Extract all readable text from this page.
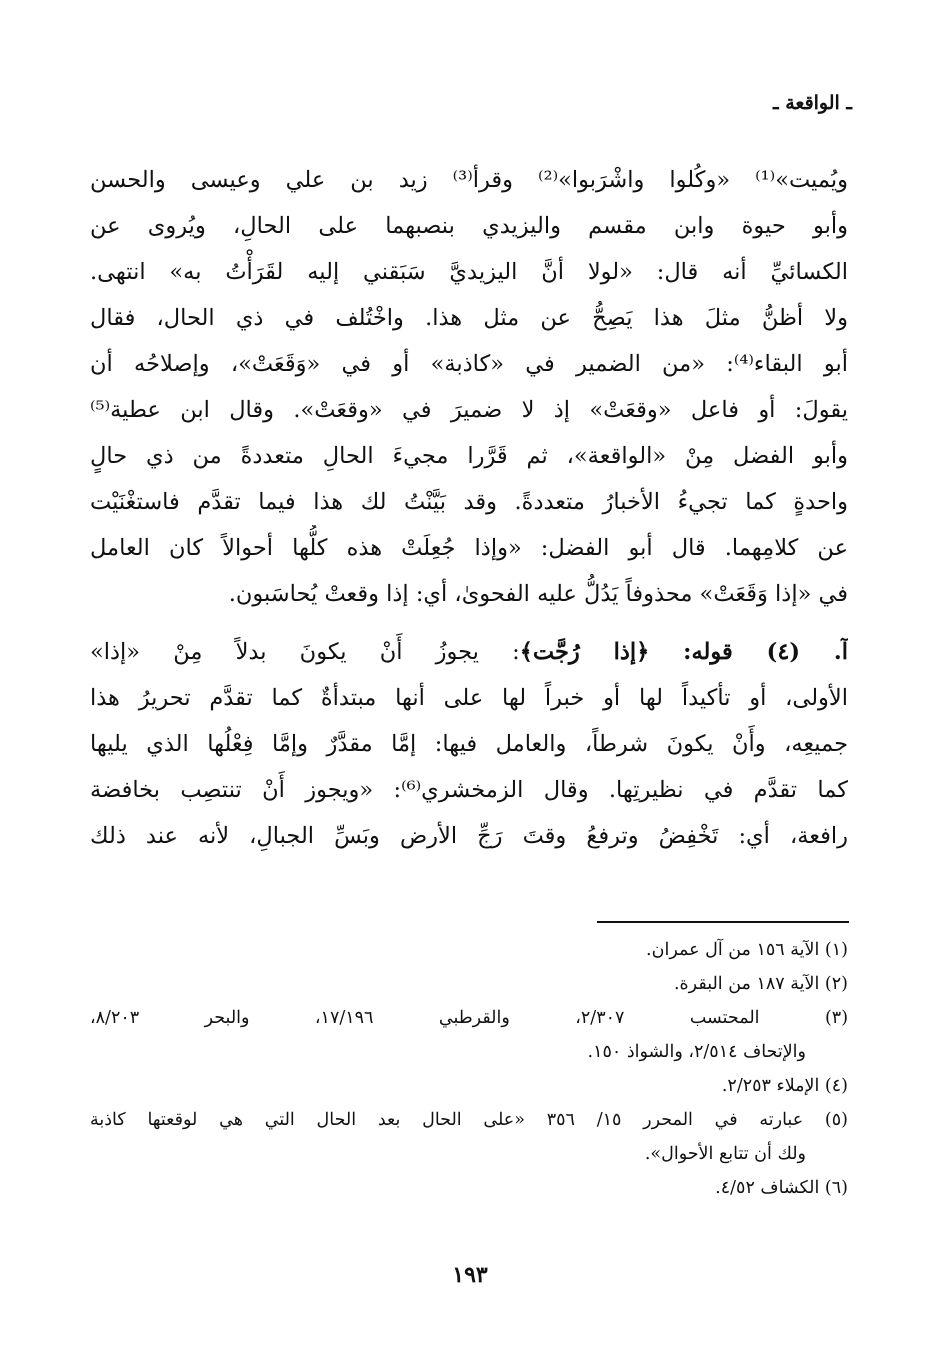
ـ الواقعة ـ
ويُميت»⁽¹⁾ «وكُلوا واشْرَبوا»⁽²⁾ وقرأ⁽³⁾ زيد بن علي وعيسى والحسن
وأبو حيوة وابن مقسم واليزيدي بنصبهما على الحالِ، ويُروى عن
الكسائيِّ أنه قال: «لولا أنَّ اليزيديَّ سَبَقني إليه لقَرَأْتُ به» انتهى.
ولا أظنُّ مثلَ هذا يَصِحُّ عن مثل هذا. واخْتُلف في ذي الحال، فقال
أبو البقاء⁽⁴⁾: «من الضمير في «كاذبة» أو في «وَقَعَتْ»، وإصلاحُه أن
يقولَ: أو فاعل «وقعَتْ» إذ لا ضميرَ في «وقعَتْ». وقال ابن عطية⁽⁵⁾
وأبو الفضل مِنْ «الواقعة»، ثم قَرَّرا مجيءَ الحالِ متعددةً من ذي حالٍ
واحدةٍ كما تجيءُ الأخبارُ متعددةً. وقد بَيَّنْتُ لك هذا فيما تقدَّم فاستغْنَيْت
عن كلامِهما. قال أبو الفضل: «وإذا جُعِلَتْ هذه كلُّها أحوالاً كان العامل
في «إذا وَقَعَتْ» محذوفاً يَدُلُّ عليه الفحوىٰ، أي: إذا وقعتْ يُحاسَبون.
آ. (٤) قوله: ﴿إذا رُجَّت﴾: يجوزُ أَنْ يكونَ بدلاً مِنْ «إذا»
الأولى، أو تأكيداً لها أو خبراً لها على أنها مبتدأةٌ كما تقدَّم تحريرُ هذا
جميعِه، وأَنْ يكونَ شرطاً، والعامل فيها: إمَّا مقدَّرٌ وإمَّا فِعْلُها الذي يليها
كما تقدَّم في نظيرتِها. وقال الزمخشري⁽⁶⁾: «ويجوز أَنْ تنتصِب بخافضة
رافعة، أي: تَخْفِضُ وترفعُ وقتَ رَجِّ الأرض وبَسِّ الجبالِ، لأنه عند ذلك
(١) الآية ١٥٦ من آل عمران.
(٢) الآية ١٨٧ من البقرة.
(٣) المحتسب ٢/٣٠٧، والقرطبي ١٧/١٩٦، والبحر ٨/٢٠٣،
والإتحاف ٢/٥١٤، والشواذ ١٥٠.
(٤) الإملاء ٢/٢٥٣.
(٥) عبارته في المحرر ١٥/ ٣٥٦ «على الحال بعد الحال التي هي لوقعتها كاذبة
ولك أن تتابع الأحوال».
(٦) الكشاف ٤/٥٢.
١٩٣
